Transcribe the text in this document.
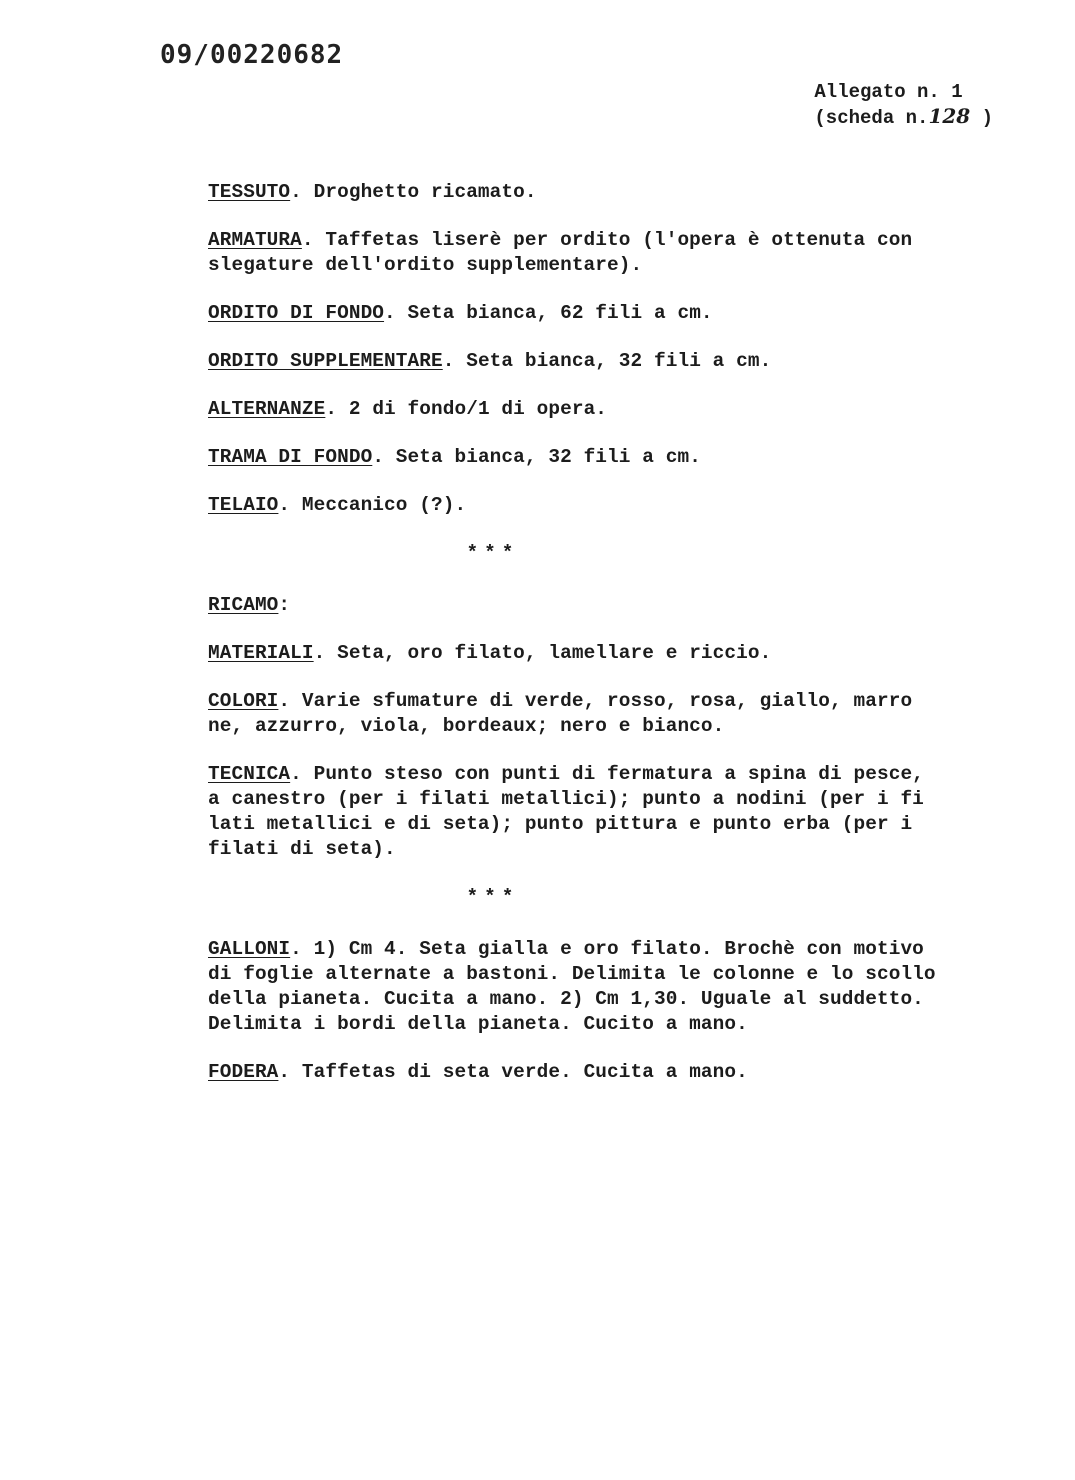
09/00220682
Allegato n. 1
(scheda n.128 )

TESSUTO. Droghetto ricamato.

ARMATURA. Taffetas liserè per ordito (l'opera è ottenuta con
slegature dell'ordito supplementare).

ORDITO DI FONDO. Seta bianca, 62 fili a cm.

ORDITO SUPPLEMENTARE. Seta bianca, 32 fili a cm.

ALTERNANZE. 2 di fondo/1 di opera.

TRAMA DI FONDO. Seta bianca, 32 fili a cm.

TELAIO. Meccanico (?).

***

RICAMO:

MATERIALI. Seta, oro filato, lamellare e riccio.

COLORI. Varie sfumature di verde, rosso, rosa, giallo, marro
ne, azzurro, viola, bordeaux; nero e bianco.

TECNICA. Punto steso con punti di fermatura a spina di pesce,
a canestro (per i filati metallici); punto a nodini (per i fi
lati metallici e di seta); punto pittura e punto erba (per i
filati di seta).

***

GALLONI. 1) Cm 4. Seta gialla e oro filato. Brochè con motivo
di foglie alternate a bastoni. Delimita le colonne e lo scollo
della pianeta. Cucita a mano. 2) Cm 1,30. Uguale al suddetto.
Delimita i bordi della pianeta. Cucito a mano.

FODERA. Taffetas di seta verde. Cucita a mano.
